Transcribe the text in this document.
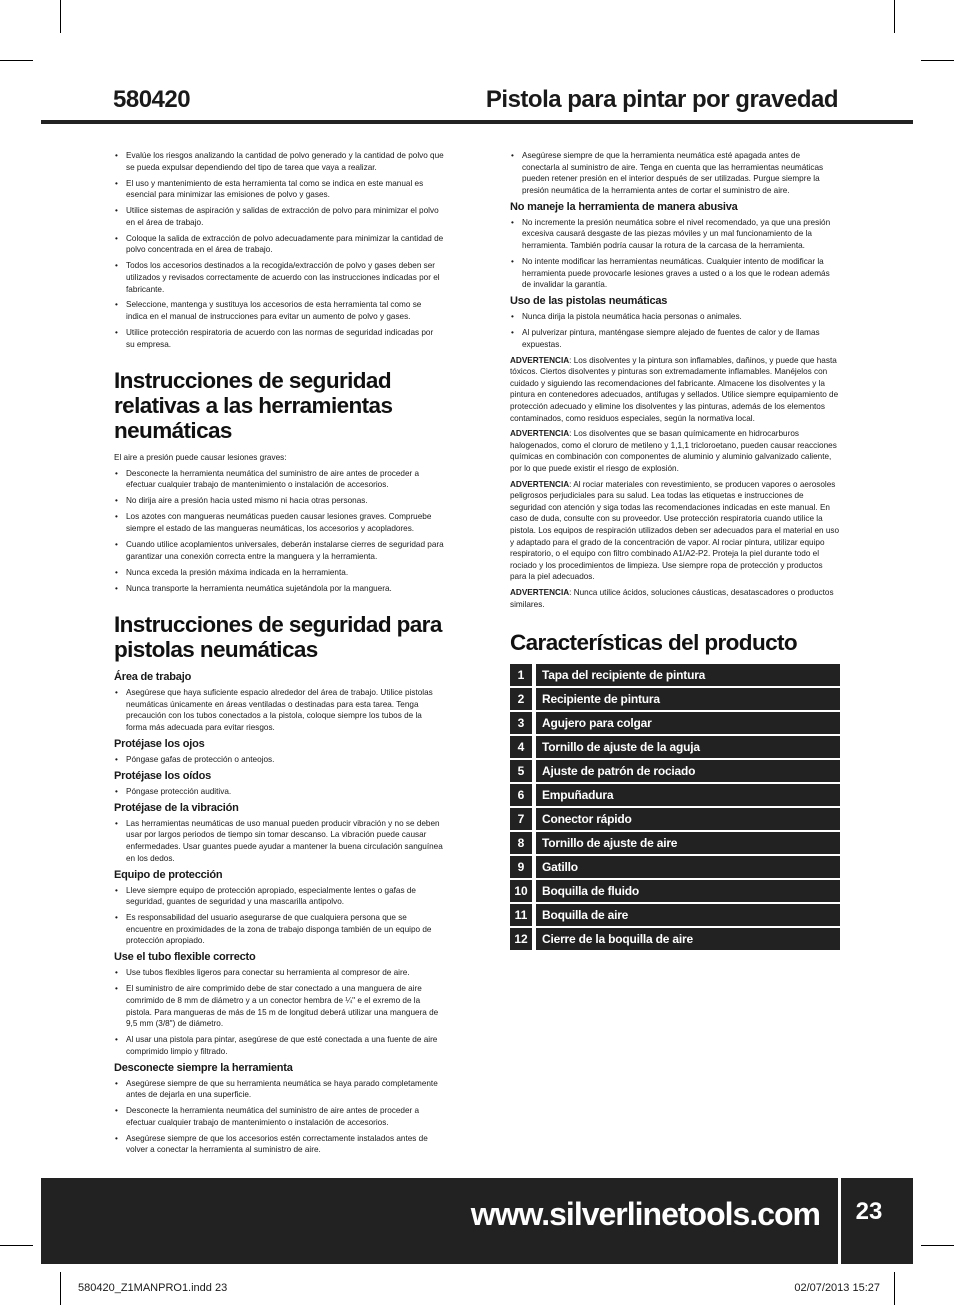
580420	Pistola para pintar por gravedad
• Evalúe los riesgos analizando la cantidad de polvo generado y la cantidad de polvo que se pueda expulsar dependiendo del tipo de tarea que vaya a realizar.
• El uso y mantenimiento de esta herramienta tal como se indica en este manual es esencial para minimizar las emisiones de polvo y gases.
• Utilice sistemas de aspiración y salidas de extracción de polvo para minimizar el polvo en el área de trabajo.
• Coloque la salida de extracción de polvo adecuadamente para minimizar la cantidad de polvo concentrada en el área de trabajo.
• Todos los accesorios destinados a la recogida/extracción de polvo y gases deben ser utilizados y revisados correctamente de acuerdo con las instrucciones indicadas por el fabricante.
• Seleccione, mantenga y sustituya los accesorios de esta herramienta tal como se indica en el manual de instrucciones para evitar un aumento de polvo y gases.
• Utilice protección respiratoria de acuerdo con las normas de seguridad indicadas por su empresa.
Instrucciones de seguridad relativas a las herramientas neumáticas

El aire a presión puede causar lesiones graves:

• Desconecte la herramienta neumática del suministro de aire antes de proceder a efectuar cualquier trabajo de mantenimiento o instalación de accesorios.
• No dirija aire a presión hacia usted mismo ni hacia otras personas.
• Los azotes con mangueras neumáticas pueden causar lesiones graves. Compruebe siempre el estado de las mangueras neumáticas, los accesorios y acopladores.
• Cuando utilice acoplamientos universales, deberán instalarse cierres de seguridad para garantizar una conexión correcta entre la manguera y la herramienta.
• Nunca exceda la presión máxima indicada en la herramienta.
• Nunca transporte la herramienta neumática sujetándola por la manguera.
Instrucciones de seguridad para pistolas neumáticas
Área de trabajo
• Asegúrese que haya suficiente espacio alrededor del área de trabajo. Utilice pistolas neumáticas únicamente en áreas ventiladas o destinadas para esta tarea. Tenga precaución con los tubos conectados a la pistola, coloque siempre los tubos de la forma más adecuada para evitar riesgos.
Protéjase los ojos
• Póngase gafas de protección o anteojos.
Protéjase los oídos
• Póngase protección auditiva.
Protéjase de la vibración
• Las herramientas neumáticas de uso manual pueden producir vibración y no se deben usar por largos periodos de tiempo sin tomar descanso. La vibración puede causar enfermedades. Usar guantes puede ayudar a mantener la buena circulación sanguínea en los dedos.
Equipo de protección
• Lleve siempre equipo de protección apropiado, especialmente lentes o gafas de seguridad, guantes de seguridad y una mascarilla antipolvo.
• Es responsabilidad del usuario asegurarse de que cualquiera persona que se encuentre en proximidades de la zona de trabajo disponga también de un equipo de protección apropiado.
Use el tubo flexible correcto
• Use tubos flexibles ligeros para conectar su herramienta al compresor de aire.
• El suministro de aire comprimido debe de star conectado a una manguera de aire comrimido de 8 mm de diámetro y a un conector hembra de ¼" e el exremo de la pistola. Para mangueras de más de 15 m de longitud deberá utilizar una manguera de 9,5 mm (3/8") de diámetro.
• Al usar una pistola para pintar, asegúrese de que esté conectada a una fuente de aire comprimido limpio y filtrado.
Desconecte siempre la herramienta
• Asegúrese siempre de que su herramienta neumática se haya parado completamente antes de dejarla en una superficie.
• Desconecte la herramienta neumática del suministro de aire antes de proceder a efectuar cualquier trabajo de mantenimiento o instalación de accesorios.
• Asegúrese siempre de que los accesorios estén correctamente instalados antes de volver a conectar la herramienta al suministro de aire.
• Asegúrese siempre de que la herramienta neumática esté apagada antes de conectarla al suministro de aire. Tenga en cuenta que las herramientas neumáticas pueden retener presión en el interior después de ser utilizadas. Purgue siempre la presión neumática de la herramienta antes de cortar el suministro de aire.
No maneje la herramienta de manera abusiva
• No incremente la presión neumática sobre el nivel recomendado, ya que una presión excesiva causará desgaste de las piezas móviles y un mal funcionamiento de la herramienta. También podría causar la rotura de la carcasa de la herramienta.
• No intente modificar las herramientas neumáticas. Cualquier intento de modificar la herramienta puede provocarle lesiones graves a usted o a los que le rodean además de invalidar la garantía.
Uso de las pistolas neumáticas
• Nunca dirija la pistola neumática hacia personas o animales.
• Al pulverizar pintura, manténgase siempre alejado de fuentes de calor y de llamas expuestas.

ADVERTENCIA: Los disolventes y la pintura son inflamables, dañinos, y puede que hasta tóxicos. Ciertos disolventes y pinturas son extremadamente inflamables. Manéjelos con cuidado y siguiendo las recomendaciones del fabricante. Almacene los disolventes y la pintura en contenedores adecuados, antifugas y sellados. Utilice siempre equipamiento de protección adecuado y elimine los disolventes y las pinturas, además de los elementos contaminados, como residuos especiales, según la normativa local.

ADVERTENCIA: Los disolventes que se basan químicamente en hidrocarburos halogenados, como el cloruro de metileno y 1,1,1 tricloroetano, pueden causar reacciones químicas en combinación con componentes de aluminio y aluminio galvanizado caliente, por lo que puede existir el riesgo de explosión.

ADVERTENCIA: Al rociar materiales con revestimiento, se producen vapores o aerosoles peligrosos perjudiciales para su salud. Lea todas las etiquetas e instrucciones de seguridad con atención y siga todas las recomendaciones indicadas en este manual. En caso de duda, consulte con su proveedor. Use protección respiratoria cuando utilice la pistola. Los equipos de respiración utilizados deben ser adecuados para el material en uso y adaptado para el grado de la concentración de vapor. Al rociar pintura, utilizar equipo respiratorio, o el equipo con filtro combinado A1/A2-P2. Proteja la piel durante todo el rociado y los procedimientos de limpieza. Use siempre ropa de protección y productos para la piel adecuados.

ADVERTENCIA: Nunca utilice ácidos, soluciones cáusticas, desatascadores o productos similares.

Características del producto
1	Tapa del recipiente de pintura
2	Recipiente de pintura
3	Agujero para colgar
4	Tornillo de ajuste de la aguja
5	Ajuste de patrón de rociado
6	Empuñadura
7	Conector rápido
8	Tornillo de ajuste de aire
9	Gatillo
10	Boquilla de fluido
11	Boquilla de aire
12	Cierre de la boquilla de aire
www.silverlinetools.com	23
580420_Z1MANPRO1.indd 23	02/07/2013 15:27
